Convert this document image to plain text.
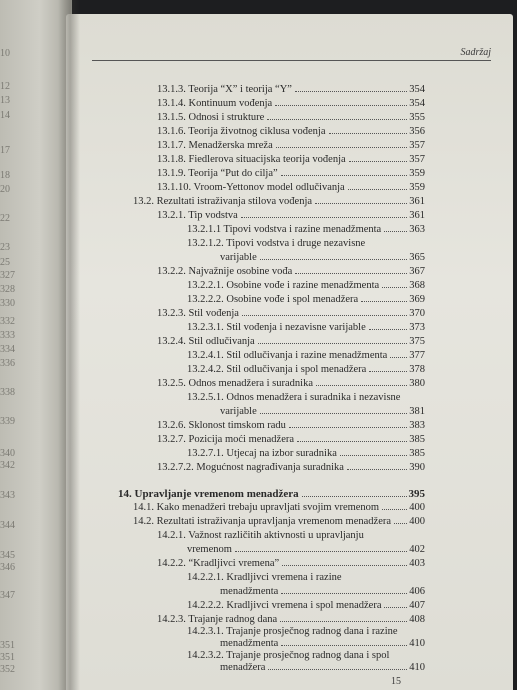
10
12
13
14
17
18
20
22
23
25
327
328
330
332
333
334
336
338
339
340
342
343
344
345
346
347
351
351
352
Sadržaj
13.1.3. Teorija “X” i teorija “Y”	354
13.1.4. Kontinuum vođenja	354
13.1.5. Odnosi i strukture	355
13.1.6. Teorija životnog ciklusa vođenja	356
13.1.7. Menadžerska mreža	357
13.1.8. Fiedlerova situacijska teorija vođenja	357
13.1.9. Teorija “Put do cilja”	359
13.1.10. Vroom-Yettonov model odlučivanja	359
13.2. Rezultati istraživanja stilova vođenja	361
13.2.1. Tip vodstva	361
13.2.1.1 Tipovi vodstva i razine menadžmenta	363
13.2.1.2. Tipovi vodstva i druge nezavisne
varijable	365
13.2.2. Najvažnije osobine vođa	367
13.2.2.1. Osobine vođe i razine menadžmenta	368
13.2.2.2. Osobine vođe i spol menadžera	369
13.2.3. Stil vođenja	370
13.2.3.1. Stil vođenja i nezavisne varijable	373
13.2.4. Stil odlučivanja	375
13.2.4.1. Stil odlučivanja i razine menadžmenta 377
13.2.4.2. Stil odlučivanja i spol menadžera	378
13.2.5. Odnos menadžera i suradnika	380
13.2.5.1. Odnos menadžera i suradnika i nezavisne
varijable	381
13.2.6. Sklonost timskom radu	383
13.2.7. Pozicija moći menadžera	385
13.2.7.1. Utjecaj na izbor suradnika	385
13.2.7.2. Mogućnost nagrađivanja suradnika	390
14. Upravljanje vremenom menadžera	395
14.1. Kako menadžeri trebaju upravljati svojim vremenom	400
14.2. Rezultati istraživanja upravljanja vremenom menadžera 400
14.2.1. Važnost različitih aktivnosti u upravljanju
vremenom	402
14.2.2. “Kradljivci vremena”	403
14.2.2.1. Kradljivci vremena i razine
menadžmenta	406
14.2.2.2. Kradljivci vremena i spol menadžera	407
14.2.3. Trajanje radnog dana	408
14.2.3.1. Trajanje prosječnog radnog dana i razine
menadžmenta	410
14.2.3.2. Trajanje prosječnog radnog dana i spol
menadžera	410
15
